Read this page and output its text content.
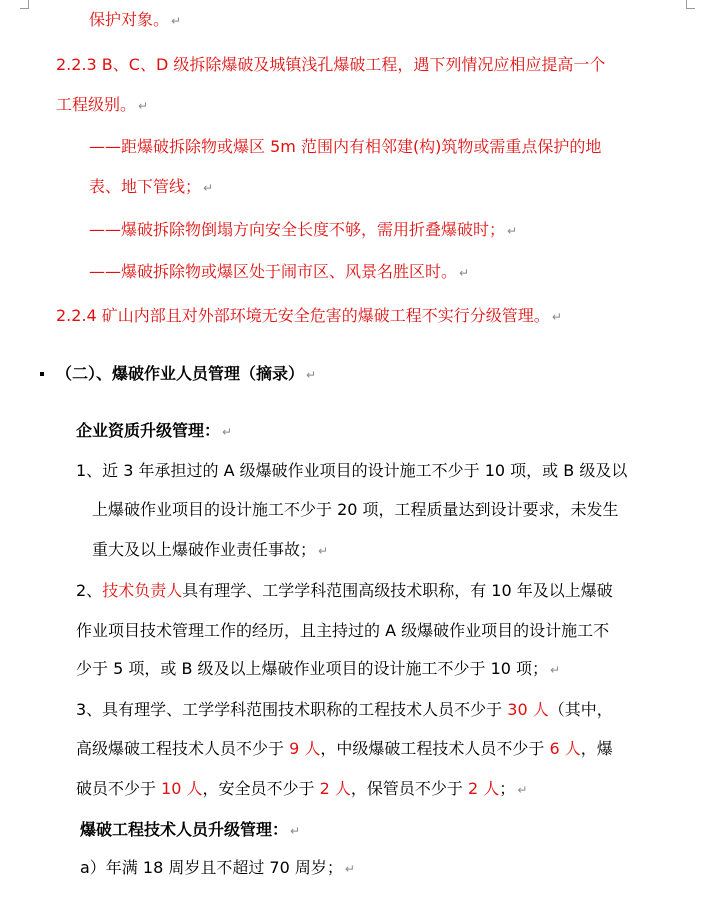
保护对象。 ↵
2.2.3 B、C、D 级拆除爆破及城镇浅孔爆破工程，遇下列情况应相应提高一个
工程级别。 ↵
——距爆破拆除物或爆区 5m 范围内有相邻建(构)筑物或需重点保护的地
表、地下管线； ↵
——爆破拆除物倒塌方向安全长度不够，需用折叠爆破时； ↵
——爆破拆除物或爆区处于闹市区、风景名胜区时。 ↵
2.2.4 矿山内部且对外部环境无安全危害的爆破工程不实行分级管理。 ↵
（二）、爆破作业人员管理（摘录） ↵
企业资质升级管理： ↵
1、近 3 年承担过的 A 级爆破作业项目的设计施工不少于 10 项，或 B 级及以
上爆破作业项目的设计施工不少于 20 项，工程质量达到设计要求，未发生
重大及以上爆破作业责任事故； ↵
2、技术负责人具有理学、工学学科范围高级技术职称，有 10 年及以上爆破
作业项目技术管理工作的经历，且主持过的 A 级爆破作业项目的设计施工不
少于 5 项，或 B 级及以上爆破作业项目的设计施工不少于 10 项； ↵
3、具有理学、工学学科范围技术职称的工程技术人员不少于 30 人（其中，
高级爆破工程技术人员不少于 9 人，中级爆破工程技术人员不少于 6 人，爆
破员不少于 10 人，安全员不少于 2 人，保管员不少于 2 人； ↵
爆破工程技术人员升级管理： ↵
a）年满 18 周岁且不超过 70 周岁； ↵
